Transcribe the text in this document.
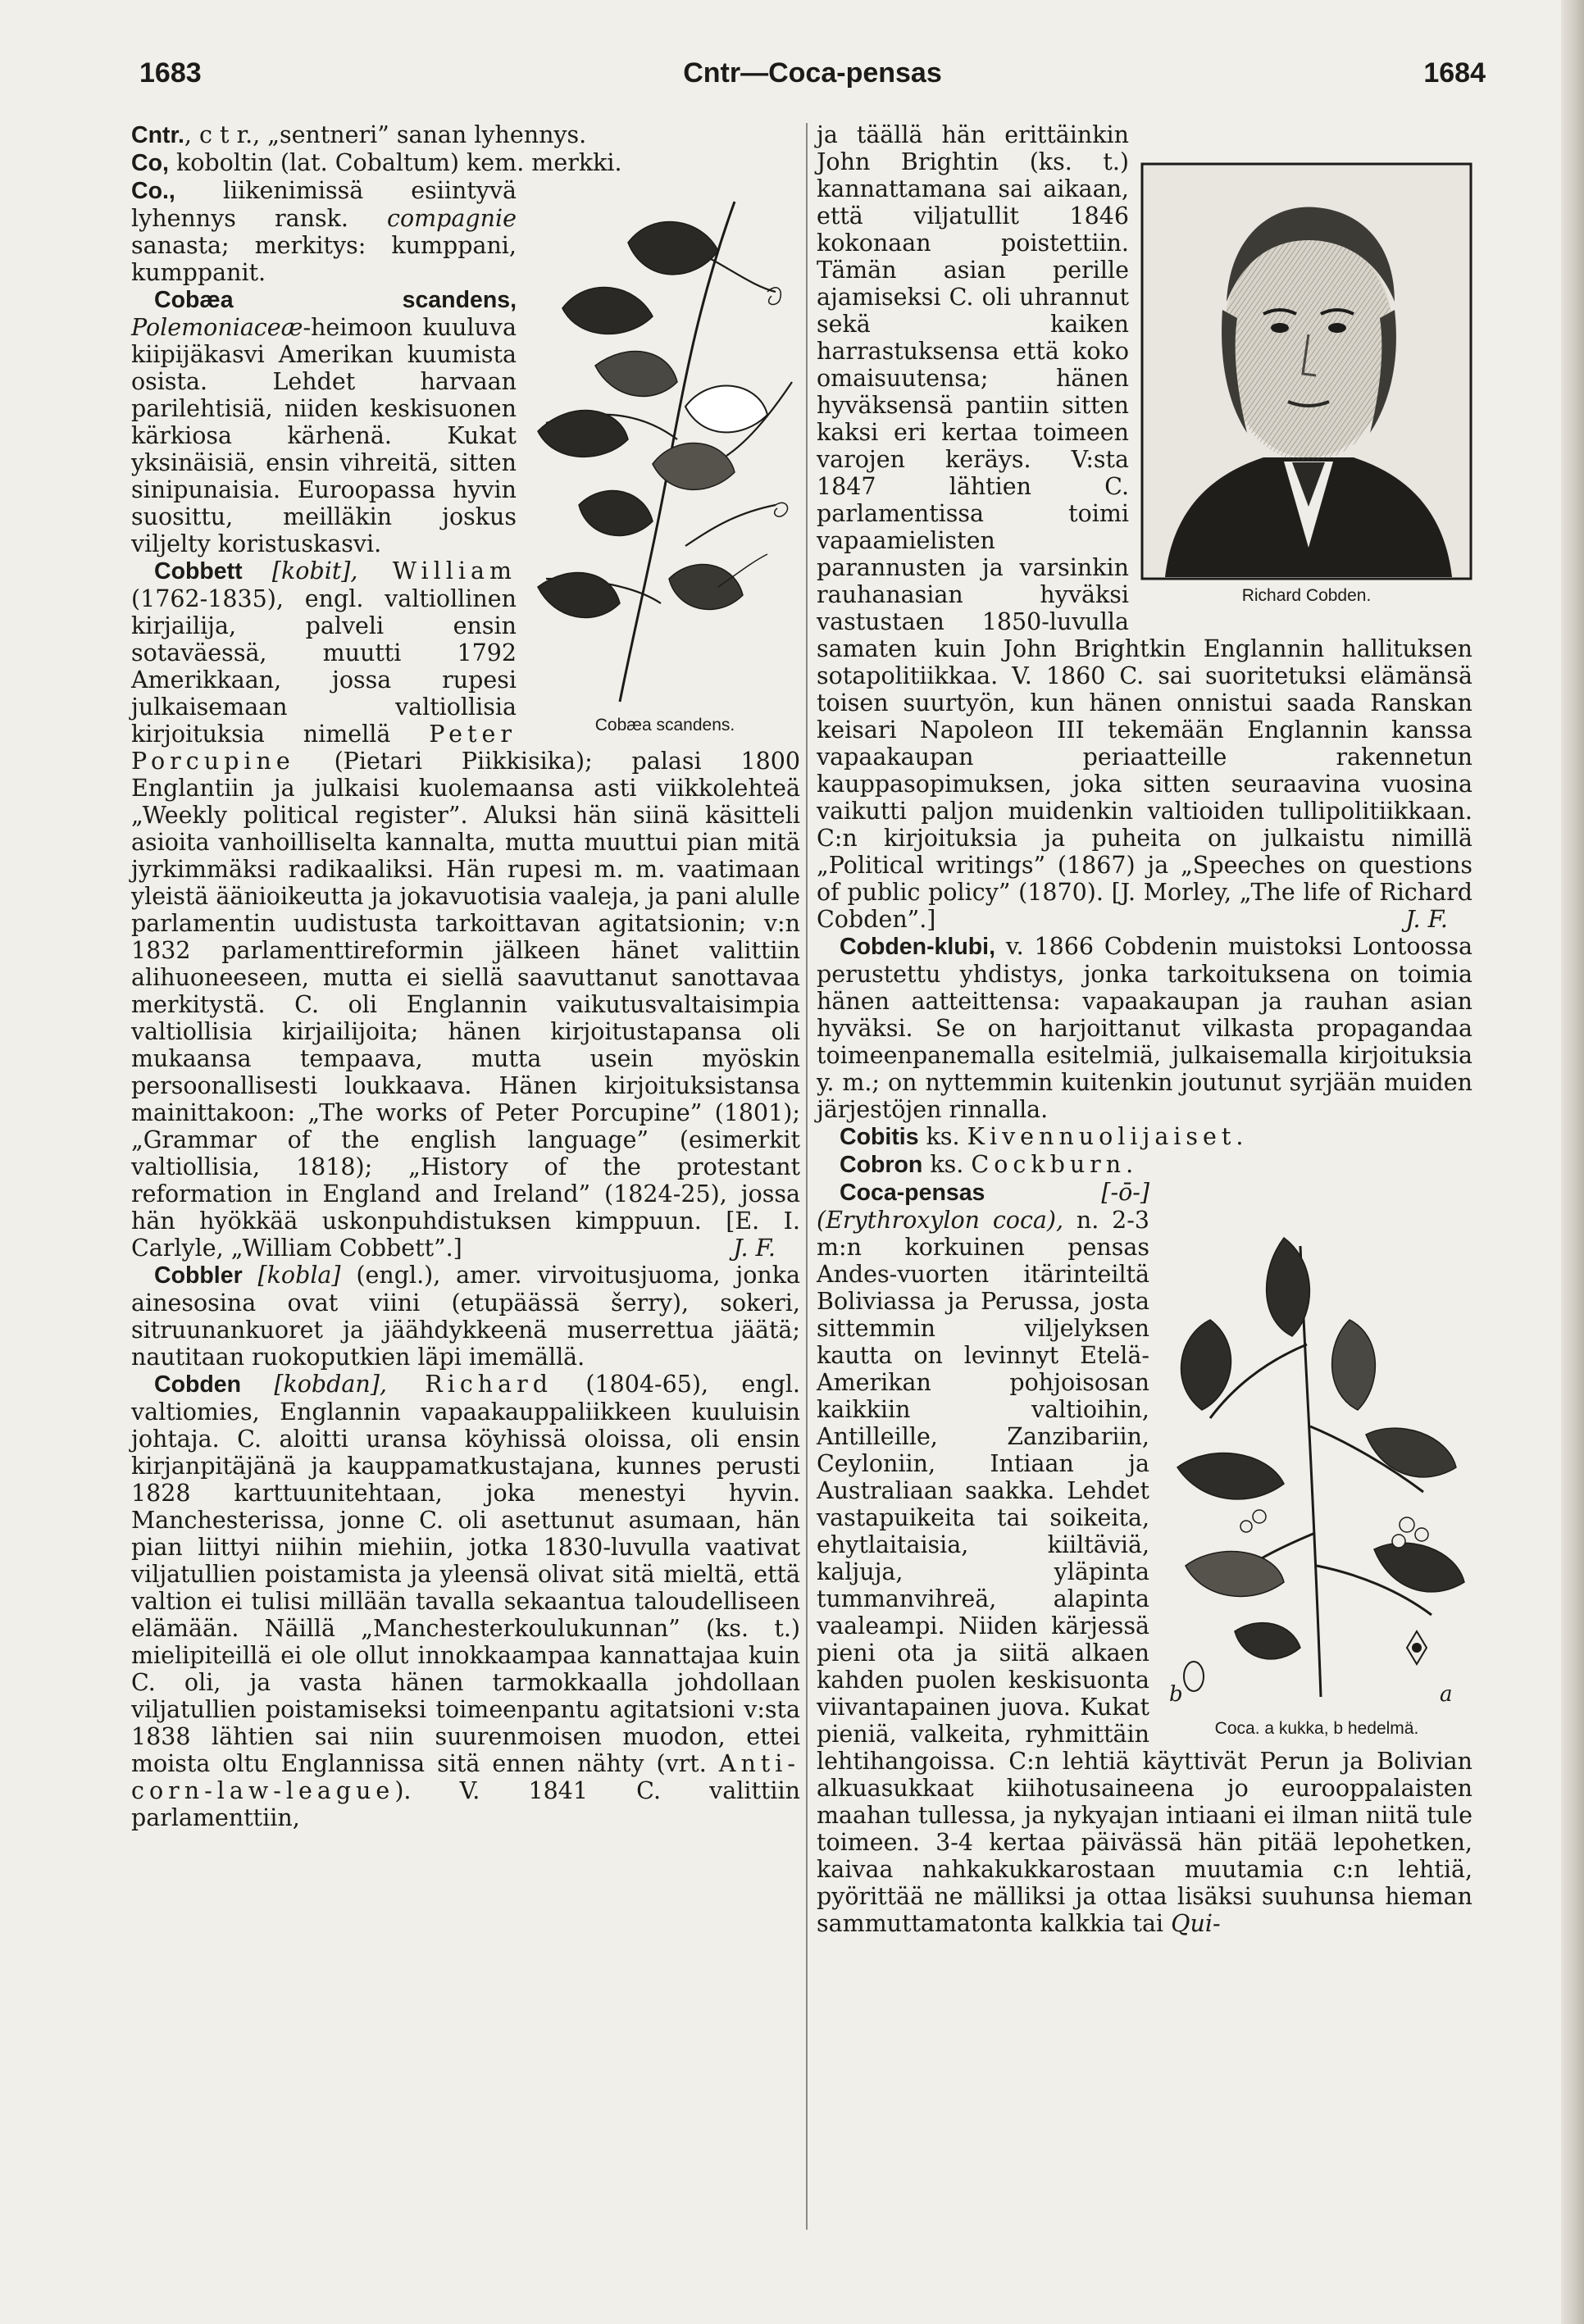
1683	Cntr—Coca-pensas	1684

Cntr., c t r., „sentneri” sanan lyhennys.

Co, koboltin (lat. Cobaltum) kem. merkki.

Cobæa scandens.

Co., liikenimissä esiintyvä lyhennys ransk. compagnie sanasta; merkitys: kumppani, kumppanit.

Cobæa scandens, Polemoniaceæ-heimoon kuuluva kiipijäkasvi Amerikan kuumista osista. Lehdet harvaan parilehtisiä, niiden keskisuonen kärkiosa kärhenä. Kukat yksinäisiä, ensin vihreitä, sitten sinipunaisia. Euroopassa hyvin suosittu, meilläkin joskus viljelty koristuskasvi.

Cobbett [kobit], William (1762-1835), engl. valtiollinen kirjailija, palveli ensin sotaväessä, muutti 1792 Amerikkaan, jossa rupesi julkaisemaan valtiollisia kirjoituksia nimellä Peter Porcupine (Pietari Piikkisika); palasi 1800 Englantiin ja julkaisi kuolemaansa asti viikkolehteä „Weekly political register”. Aluksi hän siinä käsitteli asioita vanhoilliselta kannalta, mutta muuttui pian mitä jyrkimmäksi radikaaliksi. Hän rupesi m. m. vaatimaan yleistä äänioikeutta ja jokavuotisia vaaleja, ja pani alulle parlamentin uudistusta tarkoittavan agitatsionin; v:n 1832 parlamenttireformin jälkeen hänet valittiin alihuoneeseen, mutta ei siellä saavuttanut sanottavaa merkitystä. C. oli Englannin vaikutusvaltaisimpia valtiollisia kirjailijoita; hänen kirjoitustapansa oli mukaansa tempaava, mutta usein myöskin persoonallisesti loukkaava. Hänen kirjoituksistansa mainittakoon: „The works of Peter Porcupine” (1801); „Grammar of the english language” (esimerkit valtiollisia, 1818); „History of the protestant reformation in England and Ireland” (1824-25), jossa hän hyökkää uskonpuhdistuksen kimppuun. [E. I. Carlyle, „William Cobbett”.]	J. F.

Cobbler [kobla] (engl.), amer. virvoitusjuoma, jonka ainesosina ovat viini (etupäässä šerry), sokeri, sitruunankuoret ja jäähdykkeenä muserrettua jäätä; nautitaan ruokoputkien läpi imemällä.

Cobden [kobdan], Richard (1804-65), engl. valtiomies, Englannin vapaakauppaliikkeen kuuluisin johtaja. C. aloitti uransa köyhissä oloissa, oli ensin kirjanpitäjänä ja kauppamatkustajana, kunnes perusti 1828 karttuunitehtaan, joka menestyi hyvin. Manchesterissa, jonne C. oli asettunut asumaan, hän pian liittyi niihin miehiin, jotka 1830-luvulla vaativat viljatullien poistamista ja yleensä olivat sitä mieltä, että valtion ei tulisi millään tavalla sekaantua taloudelliseen elämään. Näillä „Manchesterkoulukunnan” (ks. t.) mielipiteillä ei ole ollut innokkaampaa kannattajaa kuin C. oli, ja vasta hänen tarmokkaalla johdollaan viljatullien poistamiseksi toimeenpantu agitatsioni v:sta 1838 lähtien sai niin suurenmoisen muodon, ettei moista oltu Englannissa sitä ennen nähty (vrt. Anti-corn-law-league). V. 1841 C. valittiin parlamenttiin,

Richard Cobden.

ja täällä hän erittäinkin John Brightin (ks. t.) kannattamana sai aikaan, että viljatullit 1846 kokonaan poistettiin. Tämän asian perille ajamiseksi C. oli uhrannut sekä kaiken harrastuksensa että koko omaisuutensa; hänen hyväksensä pantiin sitten kaksi eri kertaa toimeen varojen keräys. V:sta 1847 lähtien C. parlamentissa toimi vapaamielisten parannusten ja varsinkin rauhanasian hyväksi vastustaen 1850-luvulla samaten kuin John Brightkin Englannin hallituksen sotapolitiikkaa. V. 1860 C. sai suoritetuksi elämänsä toisen suurtyön, kun hänen onnistui saada Ranskan keisari Napoleon III tekemään Englannin kanssa vapaakaupan periaatteille rakennetun kauppasopimuksen, joka sitten seuraavina vuosina vaikutti paljon muidenkin valtioiden tullipolitiikkaan. C:n kirjoituksia ja puheita on julkaistu nimillä „Political writings” (1867) ja „Speeches on questions of public policy” (1870). [J. Morley, „The life of Richard Cobden”.]	J. F.

Cobden-klubi, v. 1866 Cobdenin muistoksi Lontoossa perustettu yhdistys, jonka tarkoituksena on toimia hänen aatteittensa: vapaakaupan ja rauhan asian hyväksi. Se on harjoittanut vilkasta propagandaa toimeenpanemalla esitelmiä, julkaisemalla kirjoituksia y. m.; on nyttemmin kuitenkin joutunut syrjään muiden järjestöjen rinnalla.

Cobitis ks. Kivennuolijaiset.

Cobron ks. Cockburn.

a
b
Coca. a kukka, b hedelmä.

Coca-pensas [-ō-] (Erythroxylon coca), n. 2-3 m:n korkuinen pensas Andes-vuorten itärinteiltä Boliviassa ja Perussa, josta sittemmin viljelyksen kautta on levinnyt Etelä-Amerikan pohjoisosan kaikkiin valtioihin, Antilleille, Zanzibariin, Ceyloniin, Intiaan ja Australiaan saakka. Lehdet vastapuikeita tai soikeita, ehytlaitaisia, kiiltäviä, kaljuja, yläpinta tummanvihreä, alapinta vaaleampi. Niiden kärjessä pieni ota ja siitä alkaen kahden puolen keskisuonta viivantapainen juova. Kukat pieniä, valkeita, ryhmittäin lehtihangoissa. C:n lehtiä käyttivät Perun ja Bolivian alkuasukkaat kiihotusaineena jo eurooppalaisten maahan tullessa, ja nykyajan intiaani ei ilman niitä tule toimeen. 3-4 kertaa päivässä hän pitää lepohetken, kaivaa nahkakukkarostaan muutamia c:n lehtiä, pyörittää ne mälliksi ja ottaa lisäksi suuhunsa hieman sammuttamatonta kalkkia tai Qui-
